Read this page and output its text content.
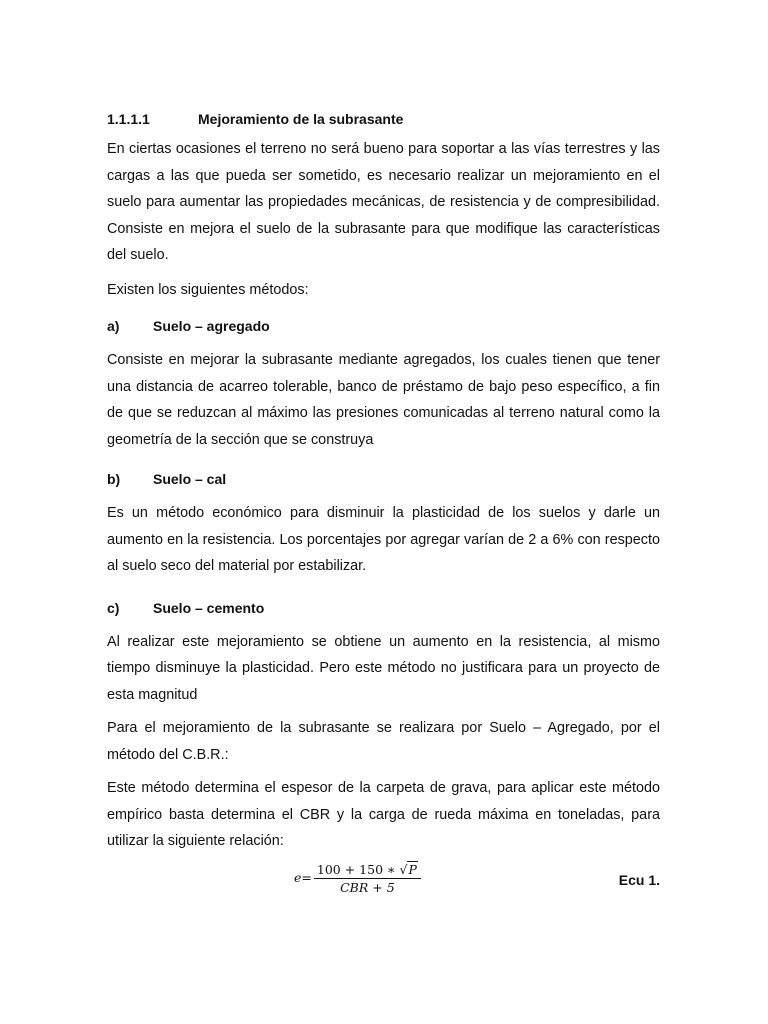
1.1.1.1	Mejoramiento de la subrasante

En ciertas ocasiones el terreno no será bueno para soportar a las vías terrestres y las cargas a las que pueda ser sometido, es necesario realizar un mejoramiento en el suelo para aumentar las propiedades mecánicas, de resistencia y de compresibilidad. Consiste en mejora el suelo de la subrasante para que modifique las características del suelo.

Existen los siguientes métodos:

a)	Suelo – agregado

Consiste en mejorar la subrasante mediante agregados, los cuales tienen que tener una distancia de acarreo tolerable, banco de préstamo de bajo peso específico, a fin de que se reduzcan al máximo las presiones comunicadas al terreno natural como la geometría de la sección que se construya

b)	Suelo – cal

Es un método económico para disminuir la plasticidad de los suelos y darle un aumento en la resistencia. Los porcentajes por agregar varían de 2 a 6% con respecto al suelo seco del material por estabilizar.

c)	Suelo – cemento

Al realizar este mejoramiento se obtiene un aumento en la resistencia, al mismo tiempo disminuye la plasticidad. Pero este método no justificara para un proyecto de esta magnitud

Para el mejoramiento de la subrasante se realizara por Suelo – Agregado, por el método del C.B.R.:

Este método determina el espesor de la carpeta de grava, para aplicar este método empírico basta determina el CBR y la carga de rueda máxima en toneladas, para utilizar la siguiente relación:

$e= \frac{100 + 150 ∗ √ P}{\text{CBR + 5}}$	Ecu 1.
